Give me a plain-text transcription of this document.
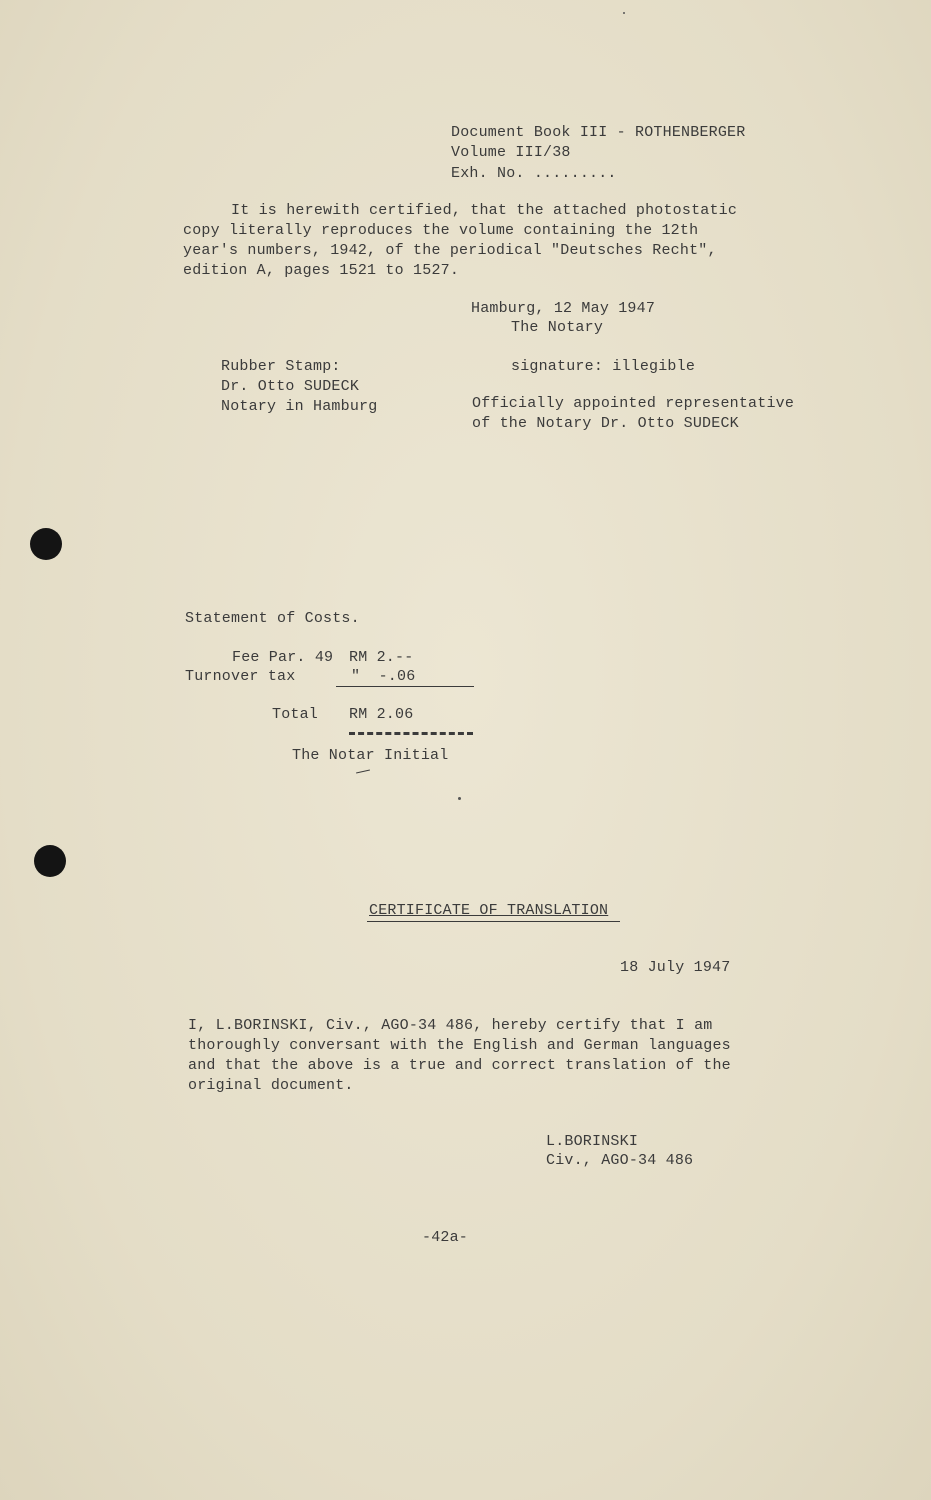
Document Book III - ROTHENBERGER
Volume III/38
Exh. No. .........
It is herewith certified, that the attached photostatic
copy literally reproduces the volume containing the 12th
year's numbers, 1942, of the periodical "Deutsches Recht",
edition A, pages 1521 to 1527.
Hamburg, 12 May 1947
The Notary
Rubber Stamp:
Dr. Otto SUDECK
Notary in Hamburg
signature: illegible
Officially appointed representative
of the Notary Dr. Otto SUDECK
Statement of Costs.
Fee Par. 49 RM 2.--
Turnover tax	"  -.06
Total RM 2.06
The Notar Initial
CERTIFICATE OF TRANSLATION
18 July 1947
I, L.BORINSKI, Civ., AGO-34 486, hereby certify that I am
thoroughly conversant with the English and German languages
and that the above is a true and correct translation of the
original document.
L.BORINSKI
Civ., AGO-34 486
-42a-
